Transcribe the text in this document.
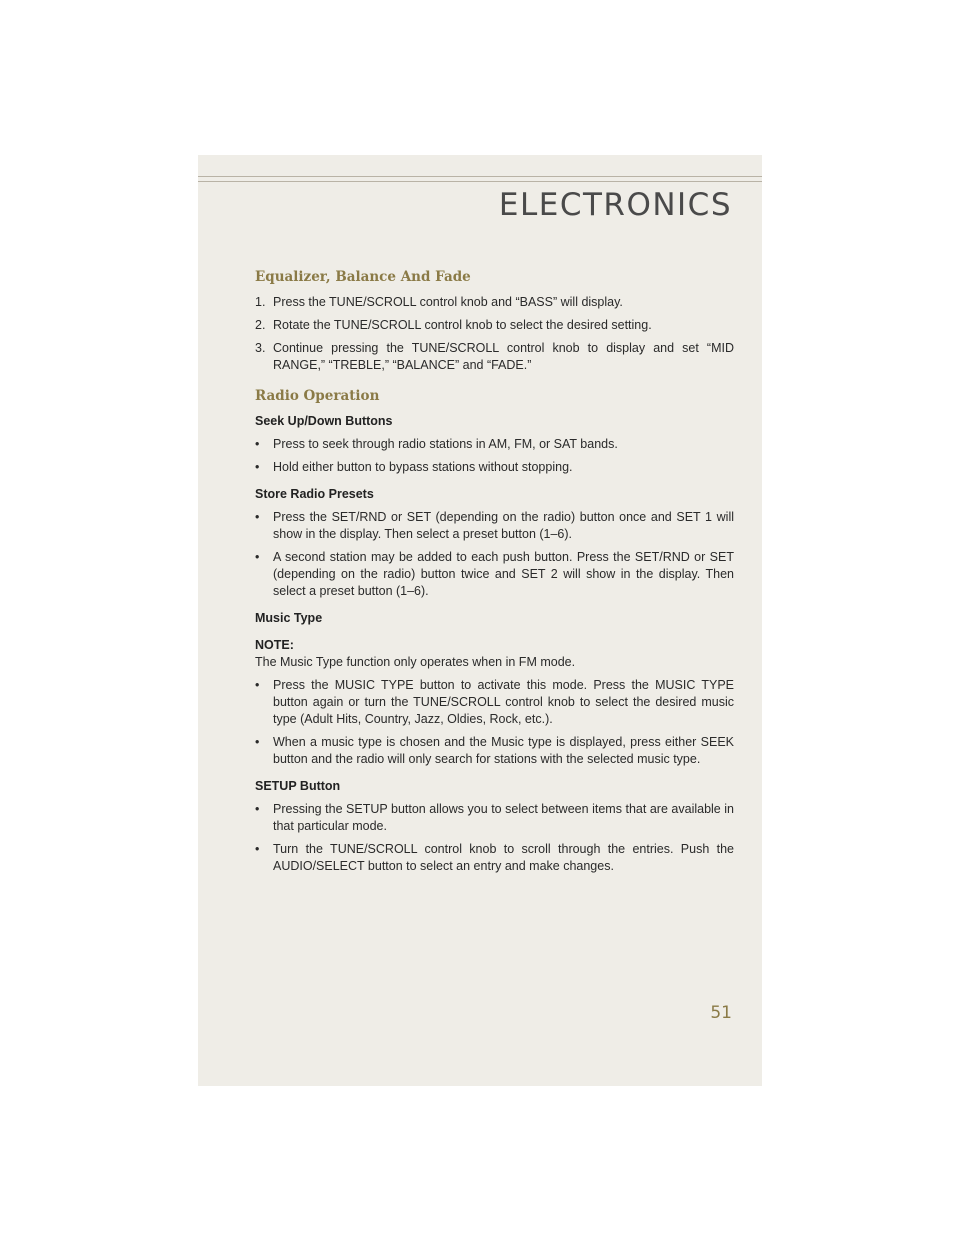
ELECTRONICS
Equalizer, Balance And Fade

1. Press the TUNE/SCROLL control knob and “BASS” will display.

2. Rotate the TUNE/SCROLL control knob to select the desired setting.

3. Continue pressing the TUNE/SCROLL control knob to display and set “MID RANGE,” “TREBLE,” “BALANCE” and “FADE.”

Radio Operation
Seek Up/Down Buttons

• Press to seek through radio stations in AM, FM, or SAT bands.

• Hold either button to bypass stations without stopping.

Store Radio Presets

• Press the SET/RND or SET (depending on the radio) button once and SET 1 will show in the display. Then select a preset button (1–6).

• A second station may be added to each push button. Press the SET/RND or SET (depending on the radio) button twice and SET 2 will show in the display. Then select a preset button (1–6).

Music Type
NOTE:

The Music Type function only operates when in FM mode.

• Press the MUSIC TYPE button to activate this mode. Press the MUSIC TYPE button again or turn the TUNE/SCROLL control knob to select the desired music type (Adult Hits, Country, Jazz, Oldies, Rock, etc.).

• When a music type is chosen and the Music type is displayed, press either SEEK button and the radio will only search for stations with the selected music type.

SETUP Button

• Pressing the SETUP button allows you to select between items that are available in that particular mode.

• Turn the TUNE/SCROLL control knob to scroll through the entries. Push the AUDIO/SELECT button to select an entry and make changes.

51
